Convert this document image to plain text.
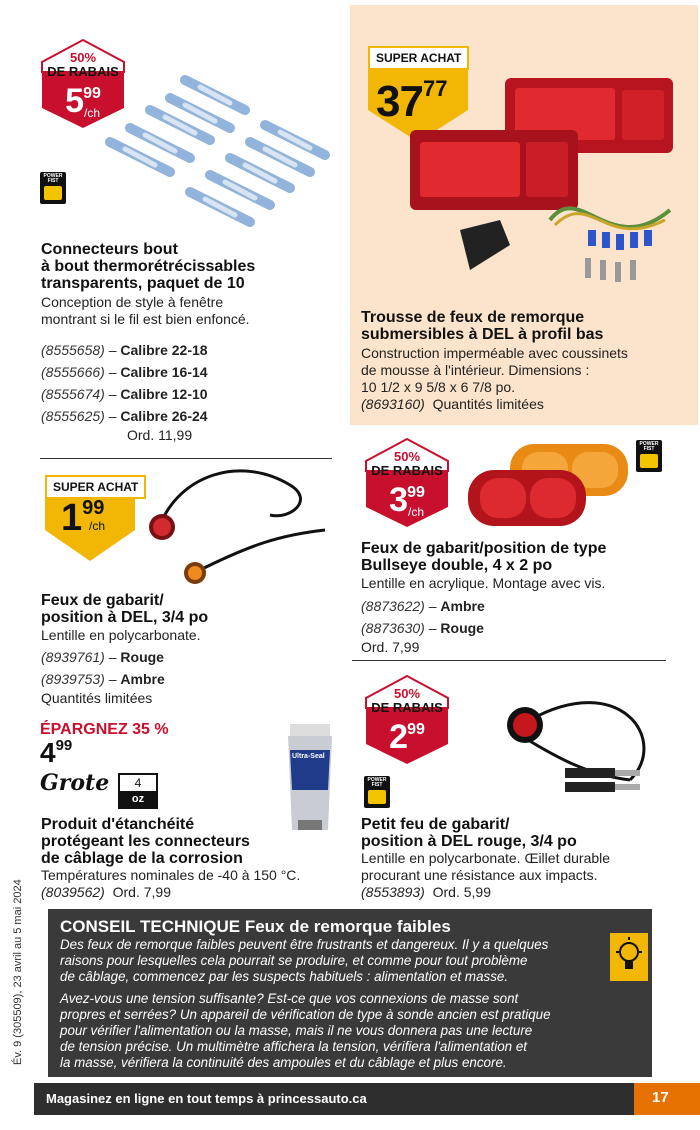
50%
DE RABAIS
599
/ch
POWER FIST
Connecteurs bout
à bout thermorétrécissables
transparents, paquet de 10
Conception de style à fenêtre
montrant si le fil est bien enfoncé.
(8555658) – Calibre 22-18
(8555666) – Calibre 16-14
(8555674) – Calibre 12-10
(8555625) – Calibre 26-24
Ord. 11,99
SUPER ACHAT
3777
Trousse de feux de remorque
submersibles à DEL à profil bas
Construction imperméable avec coussinets
de mousse à l'intérieur. Dimensions :
10 1/2 x 9 5/8 x 6 7/8 po.
(8693160) Quantités limitées
SUPER ACHAT
199
/ch
Feux de gabarit/
position à DEL, 3/4 po
Lentille en polycarbonate.
(8939761) – Rouge
(8939753) – Ambre
Quantités limitées
50%
DE RABAIS
399
/ch
POWER FIST
Feux de gabarit/position de type
Bullseye double, 4 x 2 po
Lentille en acrylique. Montage avec vis.
(8873622) – Ambre
(8873630) – Rouge
Ord. 7,99
ÉPARGNEZ 35 %
499
Grote	4
oz
Ultra-Seal
Produit d'étanchéité
protégeant les connecteurs
de câblage de la corrosion
Températures nominales de -40 à 150 °C.
(8039562) Ord. 7,99
50%
DE RABAIS
299
POWER FIST
Petit feu de gabarit/
position à DEL rouge, 3/4 po
Lentille en polycarbonate. Œillet durable
procurant une résistance aux impacts.
(8553893) Ord. 5,99
CONSEIL TECHNIQUE Feux de remorque faibles
Des feux de remorque faibles peuvent être frustrants et dangereux. Il y a quelques
raisons pour lesquelles cela pourrait se produire, et comme pour tout problème
de câblage, commencez par les suspects habituels : alimentation et masse.
Avez-vous une tension suffisante? Est-ce que vos connexions de masse sont
propres et serrées? Un appareil de vérification de type à sonde ancien est pratique
pour vérifier l'alimentation ou la masse, mais il ne vous donnera pas une lecture
de tension précise. Un multimètre affichera la tension, vérifiera l'alimentation et
la masse, vérifiera la continuité des ampoules et du câblage et plus encore.
Magasinez en ligne en tout temps à princessauto.ca	17
Év. 9 (305509), 23 avril au 5 mai 2024
